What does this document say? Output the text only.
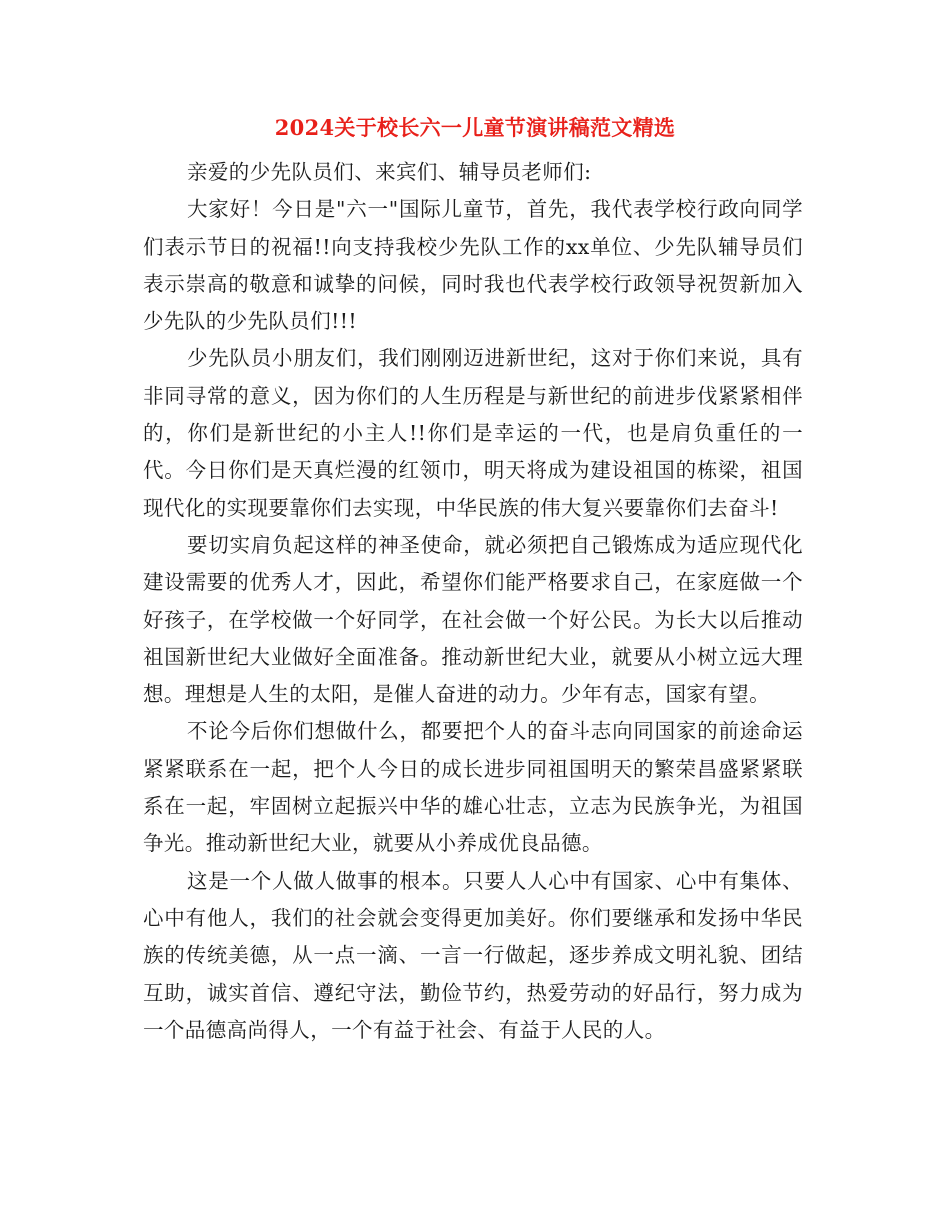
2024关于校长六一儿童节演讲稿范文精选

亲爱的少先队员们、来宾们、辅导员老师们:

大家好！今日是"六一"国际儿童节，首先，我代表学校行政向同学们表示节日的祝福!!向支持我校少先队工作的xx单位、少先队辅导员们表示崇高的敬意和诚挚的问候，同时我也代表学校行政领导祝贺新加入少先队的少先队员们!!!

少先队员小朋友们，我们刚刚迈进新世纪，这对于你们来说，具有非同寻常的意义，因为你们的人生历程是与新世纪的前进步伐紧紧相伴的，你们是新世纪的小主人!!你们是幸运的一代，也是肩负重任的一代。今日你们是天真烂漫的红领巾，明天将成为建设祖国的栋梁，祖国现代化的实现要靠你们去实现，中华民族的伟大复兴要靠你们去奋斗!

要切实肩负起这样的神圣使命，就必须把自己锻炼成为适应现代化建设需要的优秀人才，因此，希望你们能严格要求自己，在家庭做一个好孩子，在学校做一个好同学，在社会做一个好公民。为长大以后推动祖国新世纪大业做好全面准备。推动新世纪大业，就要从小树立远大理想。理想是人生的太阳，是催人奋进的动力。少年有志，国家有望。

不论今后你们想做什么，都要把个人的奋斗志向同国家的前途命运紧紧联系在一起，把个人今日的成长进步同祖国明天的繁荣昌盛紧紧联系在一起，牢固树立起振兴中华的雄心壮志，立志为民族争光，为祖国争光。推动新世纪大业，就要从小养成优良品德。

这是一个人做人做事的根本。只要人人心中有国家、心中有集体、心中有他人，我们的社会就会变得更加美好。你们要继承和发扬中华民族的传统美德，从一点一滴、一言一行做起，逐步养成文明礼貌、团结互助，诚实首信、遵纪守法，勤俭节约，热爱劳动的好品行，努力成为一个品德高尚得人，一个有益于社会、有益于人民的人。
